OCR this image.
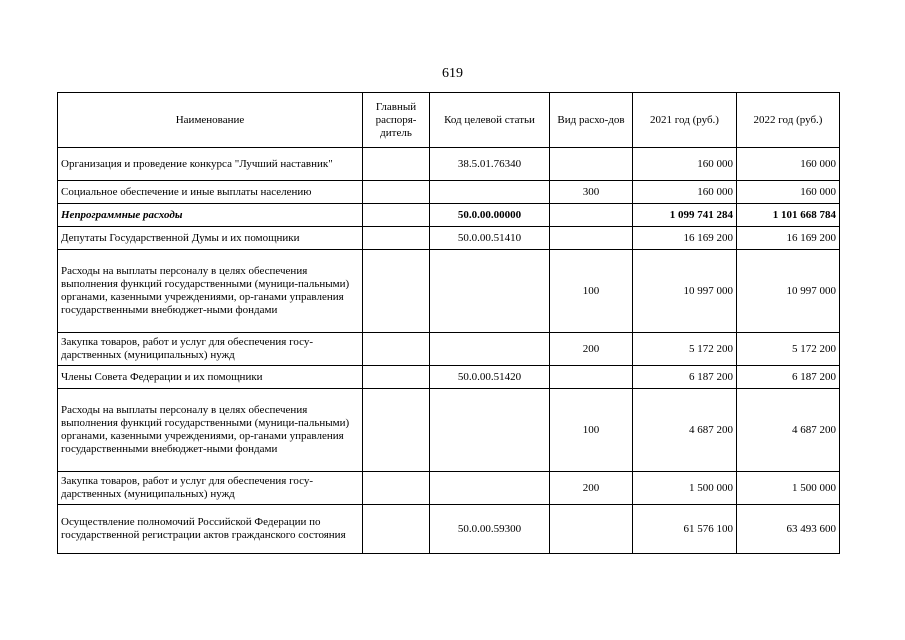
619
Наименование	Главный распоря-дитель	Код целевой статьи	Вид расхо-дов	2021 год (руб.)	2022 год (руб.)
Организация и проведение конкурса "Лучший наставник"		38.5.01.76340		160 000	160 000
Социальное обеспечение и иные выплаты населению			300	160 000	160 000
Непрограммные расходы		50.0.00.00000		1 099 741 284	1 101 668 784
Депутаты Государственной Думы и их помощники		50.0.00.51410		16 169 200	16 169 200
Расходы на выплаты персоналу в целях обеспечения выполнения функций государственными (муници-пальными) органами, казенными учреждениями, ор-ганами управления государственными внебюджет-ными фондами			100	10 997 000	10 997 000
Закупка товаров, работ и услуг для обеспечения госу-дарственных (муниципальных) нужд			200	5 172 200	5 172 200
Члены Совета Федерации и их помощники		50.0.00.51420		6 187 200	6 187 200
Расходы на выплаты персоналу в целях обеспечения выполнения функций государственными (муници-пальными) органами, казенными учреждениями, ор-ганами управления государственными внебюджет-ными фондами			100	4 687 200	4 687 200
Закупка товаров, работ и услуг для обеспечения госу-дарственных (муниципальных) нужд			200	1 500 000	1 500 000
Осуществление полномочий Российской Федерации по государственной регистрации актов гражданского состояния		50.0.00.59300		61 576 100	63 493 600
